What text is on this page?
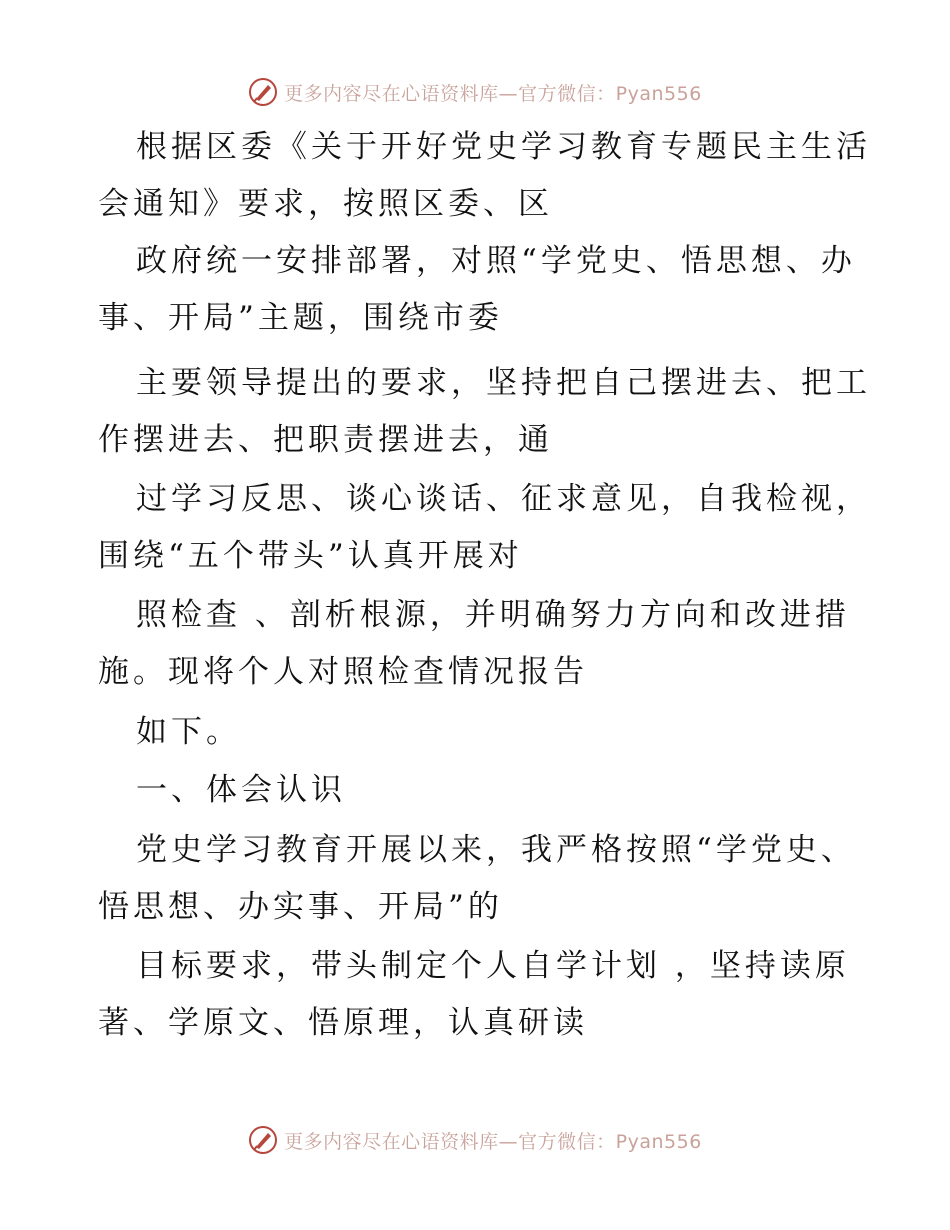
更多内容尽在心语资料库—官方微信：Pyan556
根据区委《关于开好党史学习教育专题民主生活
会通知》要求，按照区委、区
政府统一安排部署，对照“学党史、悟思想、办
事、开局”主题，围绕市委
主要领导提出的要求，坚持把自己摆进去、把工
作摆进去、把职责摆进去，通
过学习反思、谈心谈话、征求意见，自我检视，
围绕“五个带头”认真开展对
照检查 、剖析根源，并明确努力方向和改进措
施。现将个人对照检查情况报告
如下。
一、体会认识
党史学习教育开展以来，我严格按照“学党史、
悟思想、办实事、开局”的
目标要求，带头制定个人自学计划 ，坚持读原
著、学原文、悟原理，认真研读
更多内容尽在心语资料库—官方微信：Pyan556
